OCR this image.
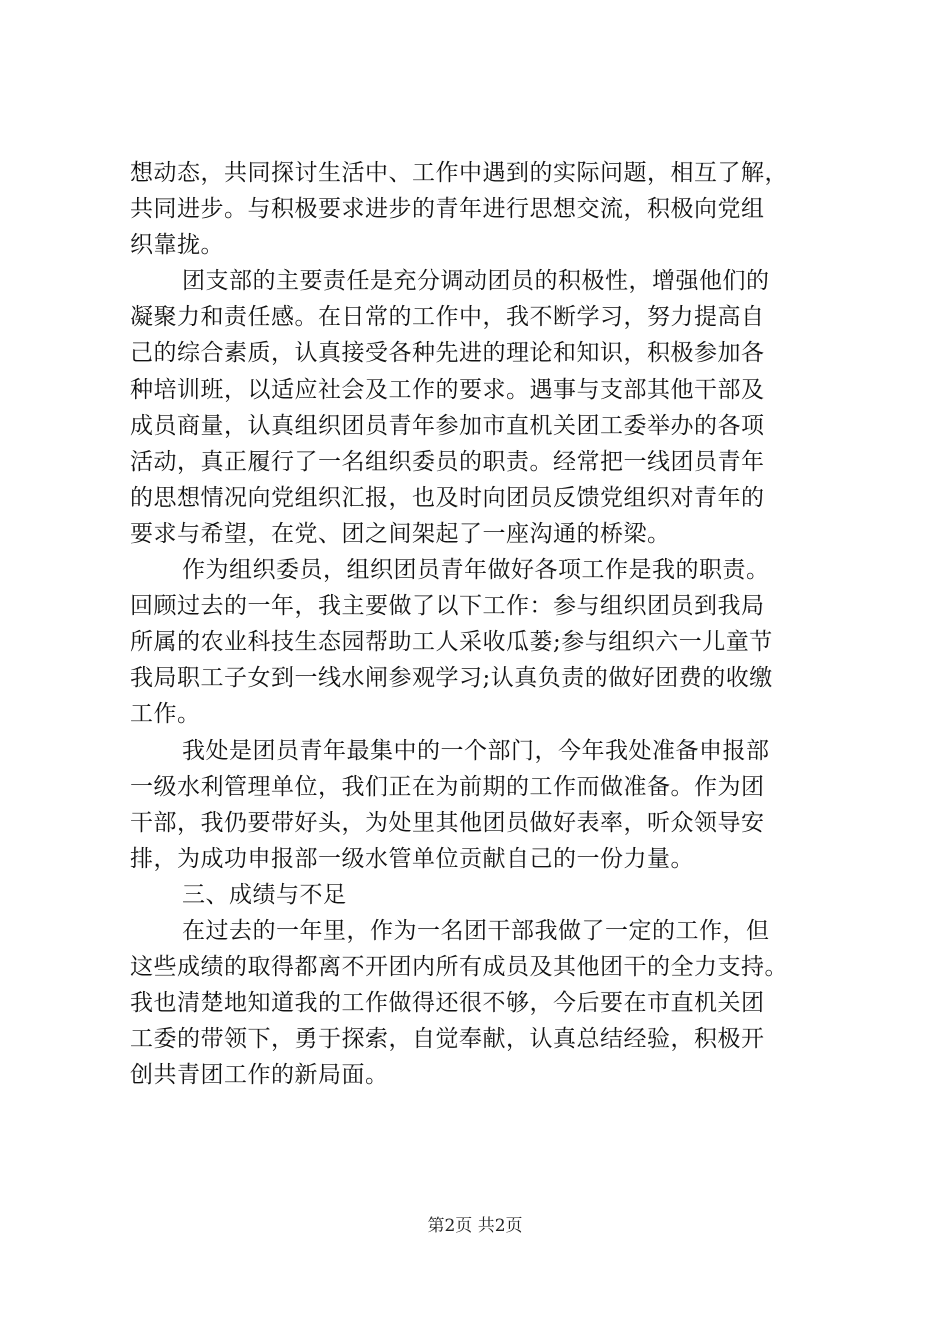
想动态，共同探讨生活中、工作中遇到的实际问题，相互了解，
共同进步。与积极要求进步的青年进行思想交流，积极向党组
织靠拢。
团支部的主要责任是充分调动团员的积极性，增强他们的
凝聚力和责任感。在日常的工作中，我不断学习，努力提高自
己的综合素质，认真接受各种先进的理论和知识，积极参加各
种培训班，以适应社会及工作的要求。遇事与支部其他干部及
成员商量，认真组织团员青年参加市直机关团工委举办的各项
活动，真正履行了一名组织委员的职责。经常把一线团员青年
的思想情况向党组织汇报，也及时向团员反馈党组织对青年的
要求与希望，在党、团之间架起了一座沟通的桥梁。
作为组织委员，组织团员青年做好各项工作是我的职责。
回顾过去的一年，我主要做了以下工作：参与组织团员到我局
所属的农业科技生态园帮助工人采收瓜蒌;参与组织六一儿童节
我局职工子女到一线水闸参观学习;认真负责的做好团费的收缴
工作。
我处是团员青年最集中的一个部门，今年我处准备申报部
一级水利管理单位，我们正在为前期的工作而做准备。作为团
干部，我仍要带好头，为处里其他团员做好表率，听众领导安
排，为成功申报部一级水管单位贡献自己的一份力量。
三、成绩与不足
在过去的一年里，作为一名团干部我做了一定的工作，但
这些成绩的取得都离不开团内所有成员及其他团干的全力支持。
我也清楚地知道我的工作做得还很不够，今后要在市直机关团
工委的带领下，勇于探索，自觉奉献，认真总结经验，积极开
创共青团工作的新局面。
第2页 共2页
